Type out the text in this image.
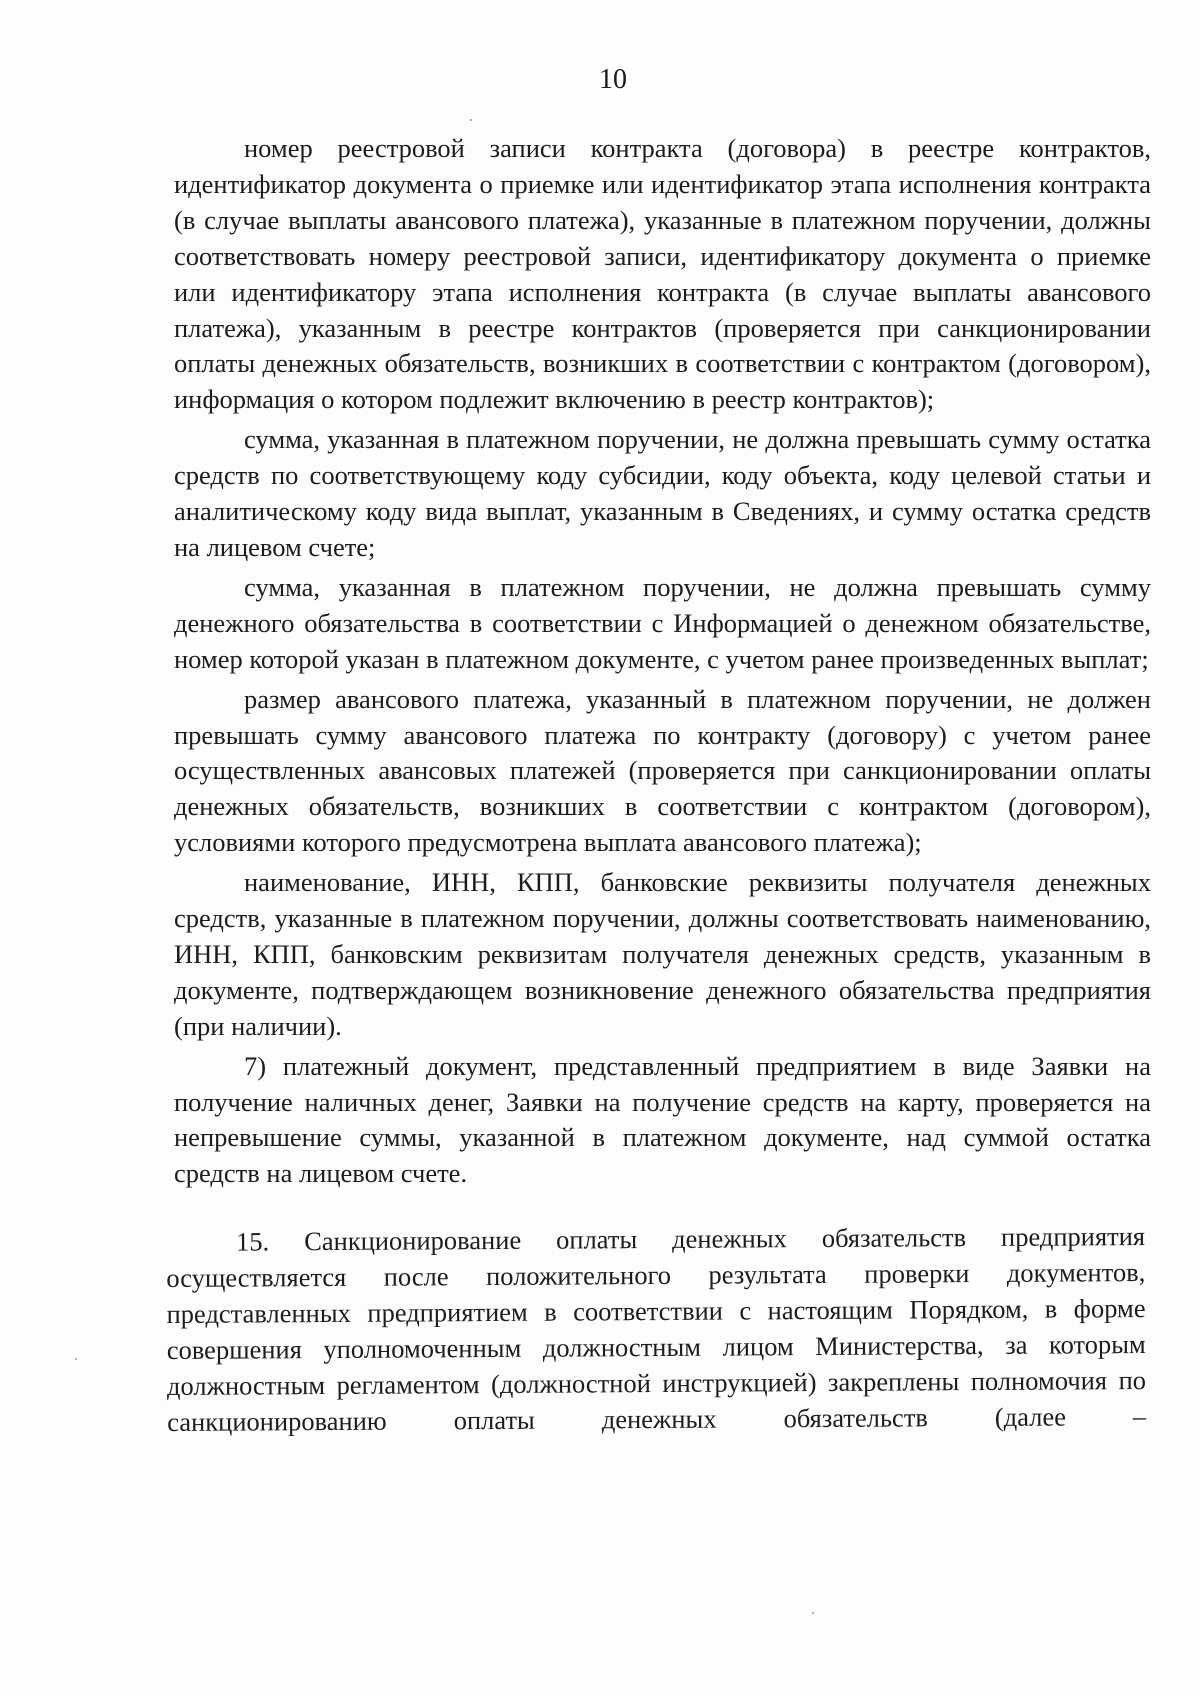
10

номер реестровой записи контракта (договора) в реестре контрактов, идентификатор документа о приемке или идентификатор этапа исполнения контракта (в случае выплаты авансового платежа), указанные в платежном поручении, должны соответствовать номеру реестровой записи, идентификатору документа о приемке или идентификатору этапа исполнения контракта (в случае выплаты авансового платежа), указанным в реестре контрактов (проверяется при санкционировании оплаты денежных обязательств, возникших в соответствии с контрактом (договором), информация о котором подлежит включению в реестр контрактов);

сумма, указанная в платежном поручении, не должна превышать сумму остатка средств по соответствующему коду субсидии, коду объекта, коду целевой статьи и аналитическому коду вида выплат, указанным в Сведениях, и сумму остатка средств на лицевом счете;

сумма, указанная в платежном поручении, не должна превышать сумму денежного обязательства в соответствии с Информацией о денежном обязательстве, номер которой указан в платежном документе, с учетом ранее произведенных выплат;

размер авансового платежа, указанный в платежном поручении, не должен превышать сумму авансового платежа по контракту (договору) с учетом ранее осуществленных авансовых платежей (проверяется при санкционировании оплаты денежных обязательств, возникших в соответствии с контрактом (договором), условиями которого предусмотрена выплата авансового платежа);

наименование, ИНН, КПП, банковские реквизиты получателя денежных средств, указанные в платежном поручении, должны соответствовать наименованию, ИНН, КПП, банковским реквизитам получателя денежных средств, указанным в документе, подтверждающем возникновение денежного обязательства предприятия (при наличии).

7) платежный документ, представленный предприятием в виде Заявки на получение наличных денег, Заявки на получение средств на карту, проверяется на непревышение суммы, указанной в платежном документе, над суммой остатка средств на лицевом счете.

15. Санкционирование оплаты денежных обязательств предприятия осуществляется после положительного результата проверки документов, представленных предприятием в соответствии с настоящим Порядком, в форме совершения уполномоченным должностным лицом Министерства, за которым должностным регламентом (должностной инструкцией) закреплены полномочия по санкционированию оплаты денежных обязательств (далее –
